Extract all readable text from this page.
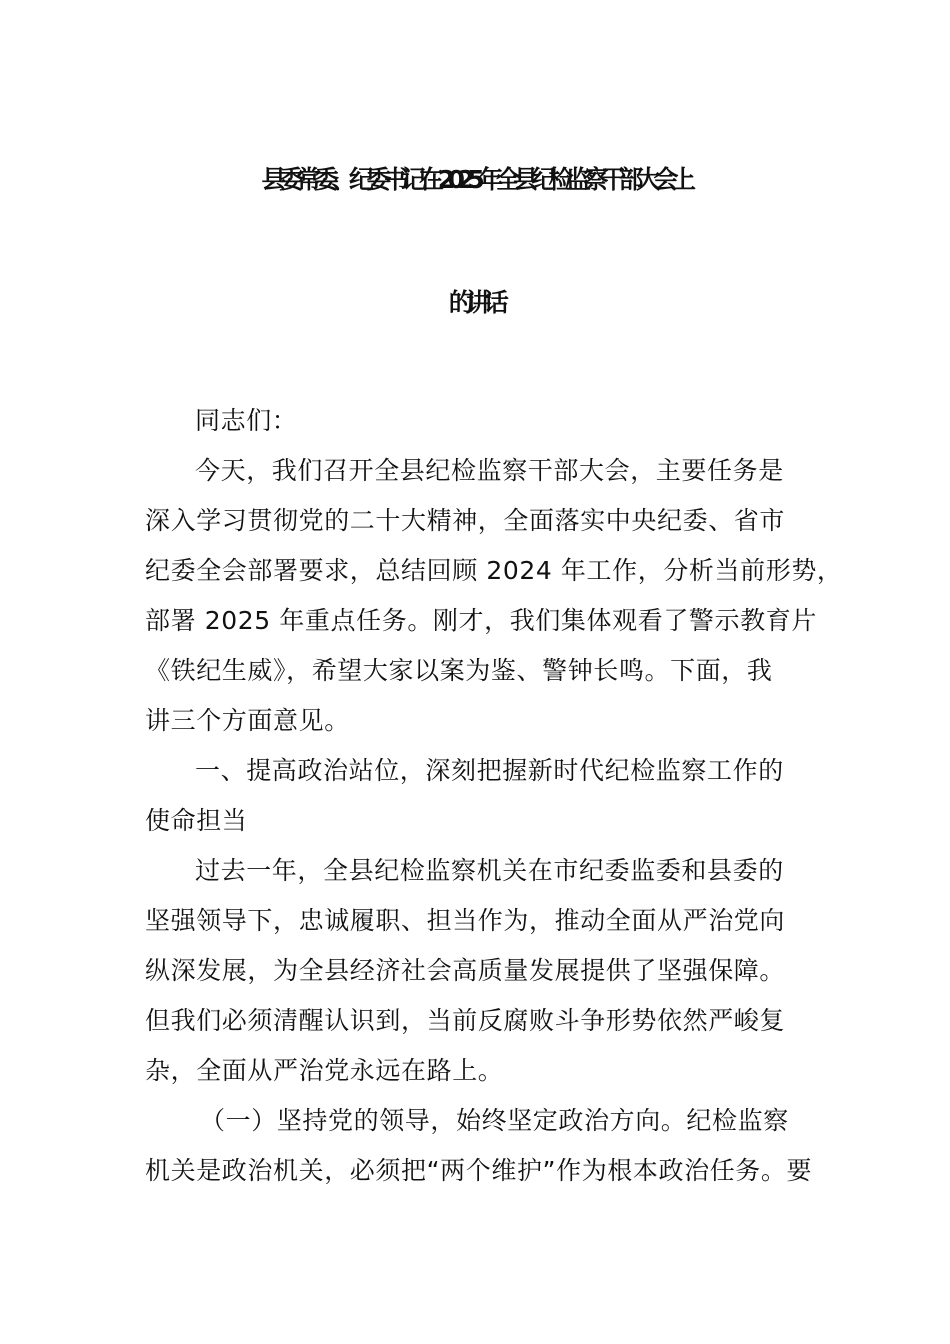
县委常委、纪委书记在 2025 年全县纪检监察干部大会上
的讲话
同志们：
今天，我们召开全县纪检监察干部大会，主要任务是
深入学习贯彻党的二十大精神，全面落实中央纪委、省市
纪委全会部署要求，总结回顾 2024 年工作，分析当前形势，
部署 2025 年重点任务。刚才，我们集体观看了警示教育片
《铁纪生威》，希望大家以案为鉴、警钟长鸣。下面，我
讲三个方面意见。
一、提高政治站位，深刻把握新时代纪检监察工作的
使命担当
过去一年，全县纪检监察机关在市纪委监委和县委的
坚强领导下，忠诚履职、担当作为，推动全面从严治党向
纵深发展，为全县经济社会高质量发展提供了坚强保障。
但我们必须清醒认识到，当前反腐败斗争形势依然严峻复
杂，全面从严治党永远在路上。
（一）坚持党的领导，始终坚定政治方向。纪检监察
机关是政治机关，必须把“两个维护”作为根本政治任务。要
